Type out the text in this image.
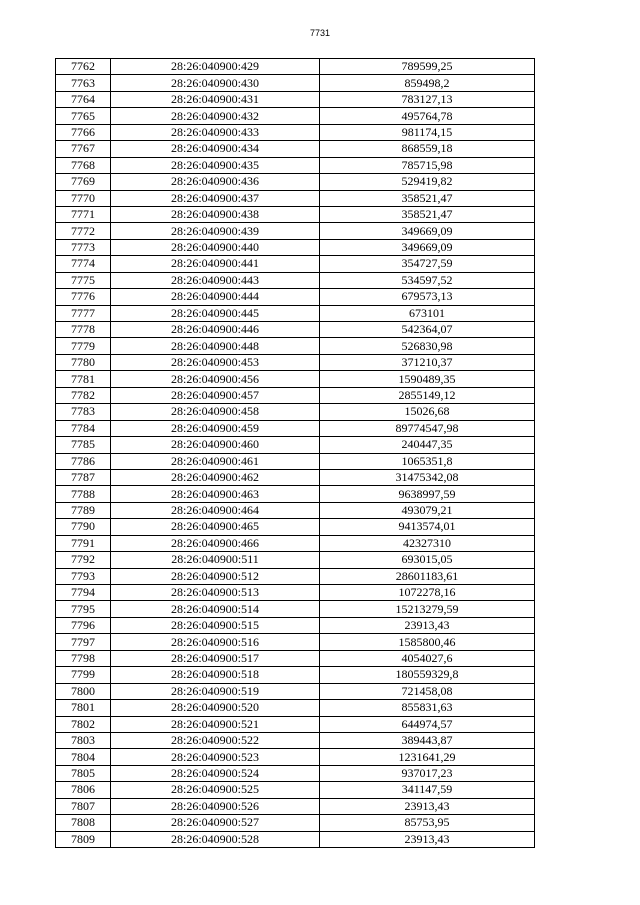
7731
7762	28:26:040900:429	789599,25
7763	28:26:040900:430	859498,2
7764	28:26:040900:431	783127,13
7765	28:26:040900:432	495764,78
7766	28:26:040900:433	981174,15
7767	28:26:040900:434	868559,18
7768	28:26:040900:435	785715,98
7769	28:26:040900:436	529419,82
7770	28:26:040900:437	358521,47
7771	28:26:040900:438	358521,47
7772	28:26:040900:439	349669,09
7773	28:26:040900:440	349669,09
7774	28:26:040900:441	354727,59
7775	28:26:040900:443	534597,52
7776	28:26:040900:444	679573,13
7777	28:26:040900:445	673101
7778	28:26:040900:446	542364,07
7779	28:26:040900:448	526830,98
7780	28:26:040900:453	371210,37
7781	28:26:040900:456	1590489,35
7782	28:26:040900:457	2855149,12
7783	28:26:040900:458	15026,68
7784	28:26:040900:459	89774547,98
7785	28:26:040900:460	240447,35
7786	28:26:040900:461	1065351,8
7787	28:26:040900:462	31475342,08
7788	28:26:040900:463	9638997,59
7789	28:26:040900:464	493079,21
7790	28:26:040900:465	9413574,01
7791	28:26:040900:466	42327310
7792	28:26:040900:511	693015,05
7793	28:26:040900:512	28601183,61
7794	28:26:040900:513	1072278,16
7795	28:26:040900:514	15213279,59
7796	28:26:040900:515	23913,43
7797	28:26:040900:516	1585800,46
7798	28:26:040900:517	4054027,6
7799	28:26:040900:518	180559329,8
7800	28:26:040900:519	721458,08
7801	28:26:040900:520	855831,63
7802	28:26:040900:521	644974,57
7803	28:26:040900:522	389443,87
7804	28:26:040900:523	1231641,29
7805	28:26:040900:524	937017,23
7806	28:26:040900:525	341147,59
7807	28:26:040900:526	23913,43
7808	28:26:040900:527	85753,95
7809	28:26:040900:528	23913,43
